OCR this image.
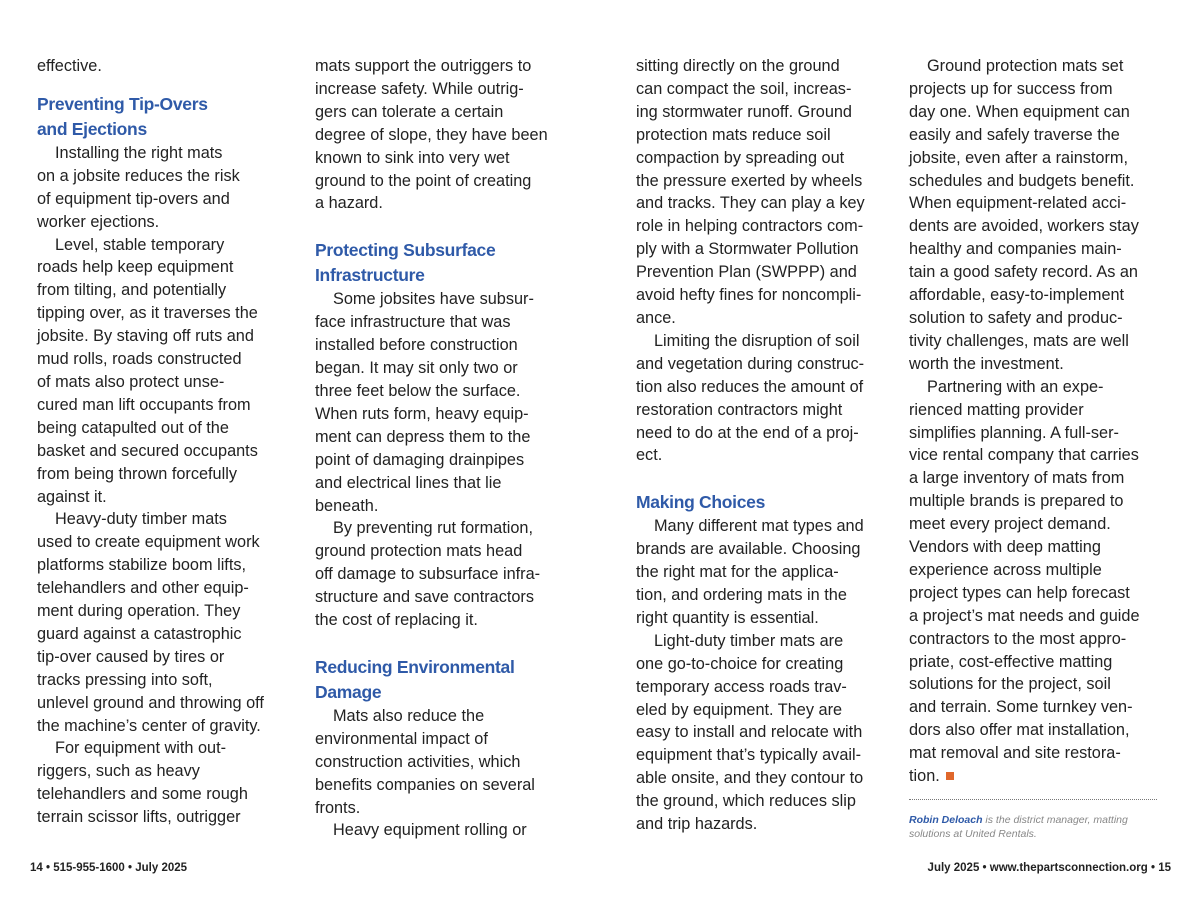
effective.
Preventing Tip-Overs
and Ejections
Installing the right mats
on a jobsite reduces the risk
of equipment tip-overs and
worker ejections.
Level, stable temporary
roads help keep equipment
from tilting, and potentially
tipping over, as it traverses the
jobsite. By staving off ruts and
mud rolls, roads constructed
of mats also protect unse-
cured man lift occupants from
being catapulted out of the
basket and secured occupants
from being thrown forcefully
against it.
Heavy-duty timber mats
used to create equipment work
platforms stabilize boom lifts,
telehandlers and other equip-
ment during operation. They
guard against a catastrophic
tip-over caused by tires or
tracks pressing into soft,
unlevel ground and throwing off
the machine’s center of gravity.
For equipment with out-
riggers, such as heavy
telehandlers and some rough
terrain scissor lifts, outrigger
mats support the outriggers to
increase safety. While outrig-
gers can tolerate a certain
degree of slope, they have been
known to sink into very wet
ground to the point of creating
a hazard.
Protecting Subsurface
Infrastructure
Some jobsites have subsur-
face infrastructure that was
installed before construction
began. It may sit only two or
three feet below the surface.
When ruts form, heavy equip-
ment can depress them to the
point of damaging drainpipes
and electrical lines that lie
beneath.
By preventing rut formation,
ground protection mats head
off damage to subsurface infra-
structure and save contractors
the cost of replacing it.
Reducing Environmental
Damage
Mats also reduce the
environmental impact of
construction activities, which
benefits companies on several
fronts.
Heavy equipment rolling or
sitting directly on the ground
can compact the soil, increas-
ing stormwater runoff. Ground
protection mats reduce soil
compaction by spreading out
the pressure exerted by wheels
and tracks. They can play a key
role in helping contractors com-
ply with a Stormwater Pollution
Prevention Plan (SWPPP) and
avoid hefty fines for noncompli-
ance.
Limiting the disruption of soil
and vegetation during construc-
tion also reduces the amount of
restoration contractors might
need to do at the end of a proj-
ect.
Making Choices
Many different mat types and
brands are available. Choosing
the right mat for the applica-
tion, and ordering mats in the
right quantity is essential.
Light-duty timber mats are
one go-to-choice for creating
temporary access roads trav-
eled by equipment. They are
easy to install and relocate with
equipment that’s typically avail-
able onsite, and they contour to
the ground, which reduces slip
and trip hazards.
Ground protection mats set
projects up for success from
day one. When equipment can
easily and safely traverse the
jobsite, even after a rainstorm,
schedules and budgets benefit.
When equipment-related acci-
dents are avoided, workers stay
healthy and companies main-
tain a good safety record. As an
affordable, easy-to-implement
solution to safety and produc-
tivity challenges, mats are well
worth the investment.
Partnering with an expe-
rienced matting provider
simplifies planning. A full-ser-
vice rental company that carries
a large inventory of mats from
multiple brands is prepared to
meet every project demand.
Vendors with deep matting
experience across multiple
project types can help forecast
a project’s mat needs and guide
contractors to the most appro-
priate, cost-effective matting
solutions for the project, soil
and terrain. Some turnkey ven-
dors also offer mat installation,
mat removal and site restora-
tion.
Robin Deloach is the district manager, matting
solutions at United Rentals.
14 • 515-955-1600 • July 2025	July 2025 • www.thepartsconnection.org • 15
